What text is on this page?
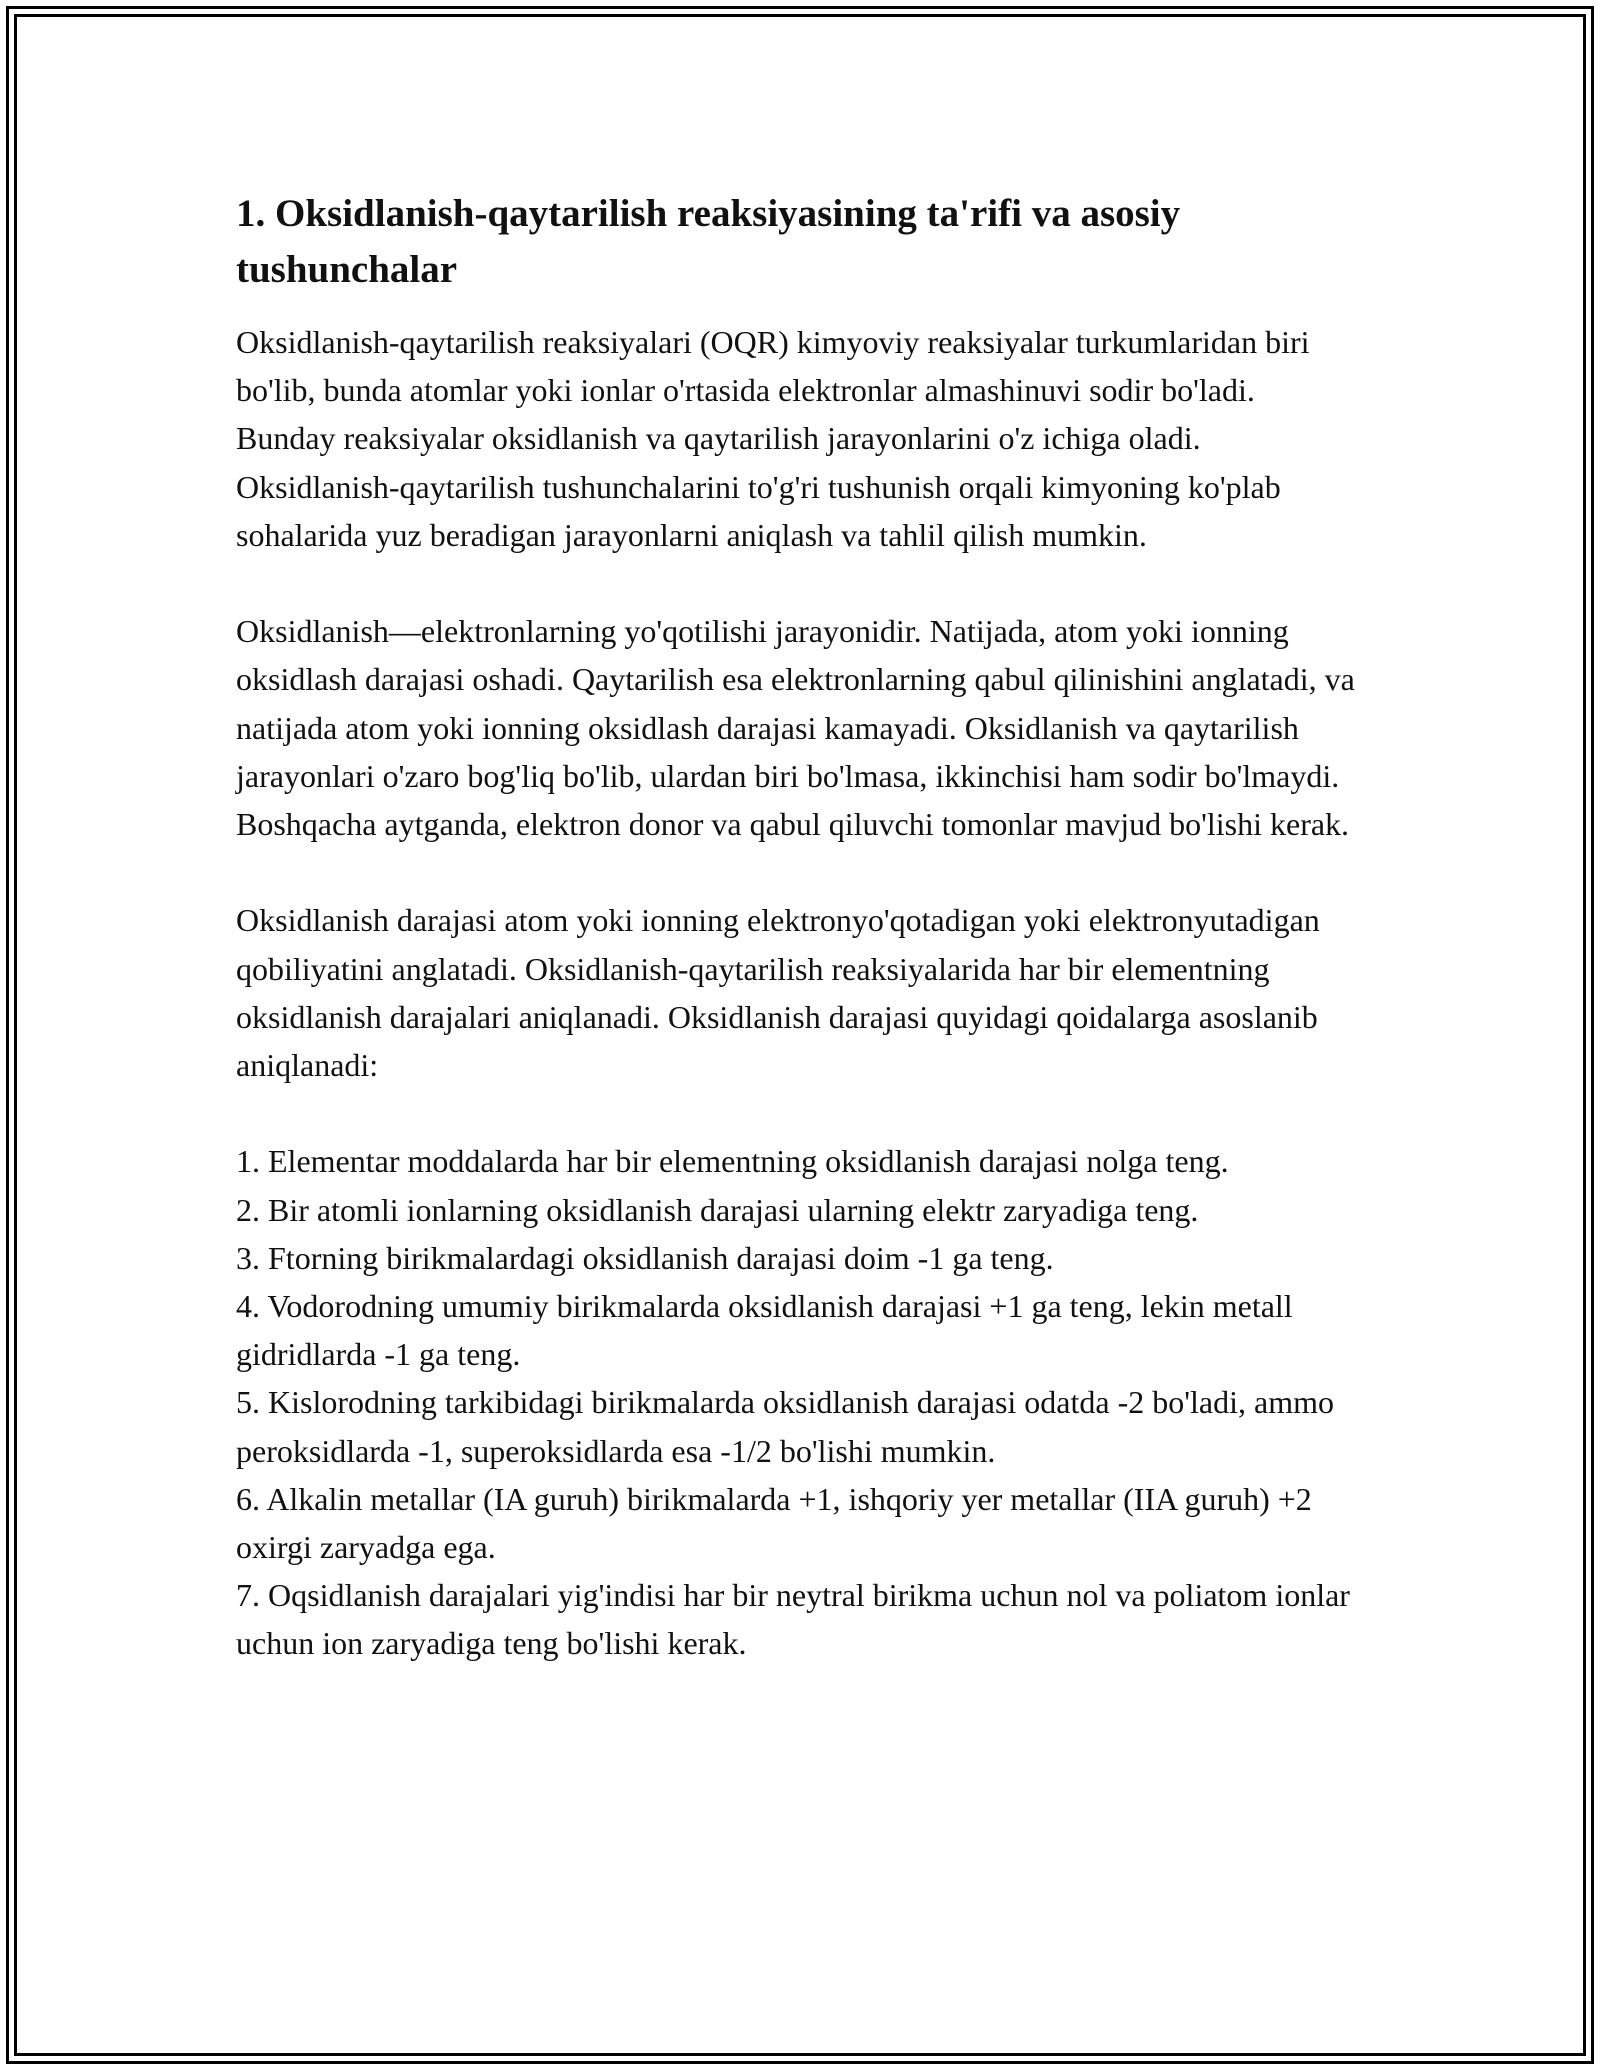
1. Oksidlanish-qaytarilish reaksiyasining ta'rifi va asosiy tushunchalar

Oksidlanish-qaytarilish reaksiyalari (OQR) kimyoviy reaksiyalar turkumlaridan biri bo'lib, bunda atomlar yoki ionlar o'rtasida elektronlar almashinuvi sodir bo'ladi. Bunday reaksiyalar oksidlanish va qaytarilish jarayonlarini o'z ichiga oladi. Oksidlanish-qaytarilish tushunchalarini to'g'ri tushunish orqali kimyoning ko'plab sohalarida yuz beradigan jarayonlarni aniqlash va tahlil qilish mumkin.

Oksidlanish—elektronlarning yo'qotilishi jarayonidir. Natijada, atom yoki ionning oksidlash darajasi oshadi. Qaytarilish esa elektronlarning qabul qilinishini anglatadi, va natijada atom yoki ionning oksidlash darajasi kamayadi. Oksidlanish va qaytarilish jarayonlari o'zaro bog'liq bo'lib, ulardan biri bo'lmasa, ikkinchisi ham sodir bo'lmaydi. Boshqacha aytganda, elektron donor va qabul qiluvchi tomonlar mavjud bo'lishi kerak.

Oksidlanish darajasi atom yoki ionning elektronyo'qotadigan yoki elektronyutadigan qobiliyatini anglatadi. Oksidlanish-qaytarilish reaksiyalarida har bir elementning oksidlanish darajalari aniqlanadi. Oksidlanish darajasi quyidagi qoidalarga asoslanib aniqlanadi:

1. Elementar moddalarda har bir elementning oksidlanish darajasi nolga teng.
2. Bir atomli ionlarning oksidlanish darajasi ularning elektr zaryadiga teng.
3. Ftorning birikmalardagi oksidlanish darajasi doim -1 ga teng.
4. Vodorodning umumiy birikmalarda oksidlanish darajasi +1 ga teng, lekin metall gidridlarda -1 ga teng.
5. Kislorodning tarkibidagi birikmalarda oksidlanish darajasi odatda -2 bo'ladi, ammo peroksidlarda -1, superoksidlarda esa -1/2 bo'lishi mumkin.
6. Alkalin metallar (IA guruh) birikmalarda +1, ishqoriy yer metallar (IIA guruh) +2 oxirgi zaryadga ega.
7. Oqsidlanish darajalari yig'indisi har bir neytral birikma uchun nol va poliatom ionlar uchun ion zaryadiga teng bo'lishi kerak.
